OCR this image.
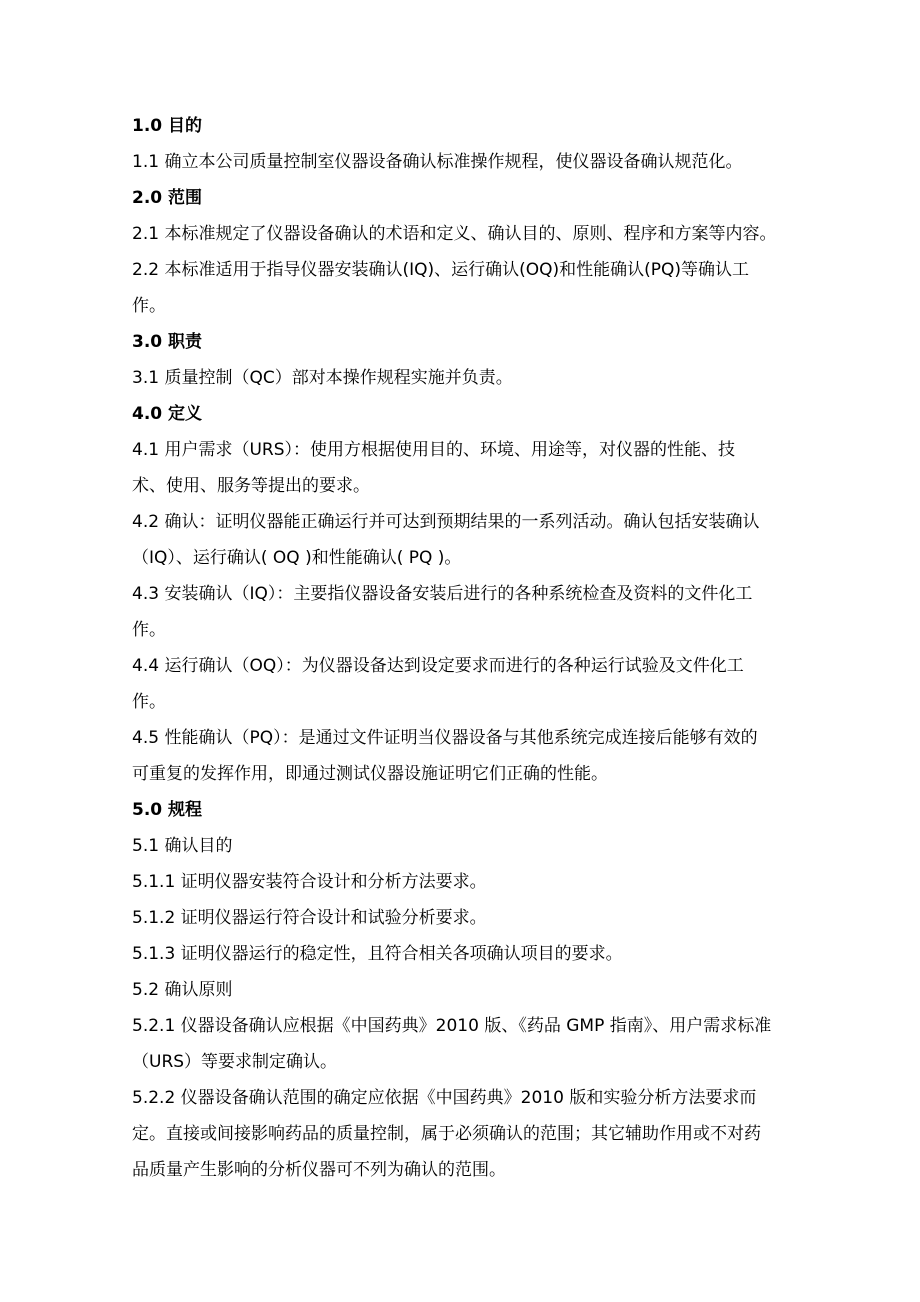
1.0 目的
1.1 确立本公司质量控制室仪器设备确认标准操作规程，使仪器设备确认规范化。
2.0 范围
2.1 本标准规定了仪器设备确认的术语和定义、确认目的、原则、程序和方案等内容。
2.2 本标准适用于指导仪器安装确认(IQ)、运行确认(OQ)和性能确认(PQ)等确认工
作。
3.0 职责
3.1 质量控制（QC）部对本操作规程实施并负责。
4.0 定义
4.1 用户需求（URS）：使用方根据使用目的、环境、用途等，对仪器的性能、技
术、使用、服务等提出的要求。
4.2 确认：证明仪器能正确运行并可达到预期结果的一系列活动。确认包括安装确认
（IQ）、运行确认( OQ )和性能确认( PQ )。
4.3 安装确认（IQ）：主要指仪器设备安装后进行的各种系统检查及资料的文件化工
作。
4.4 运行确认（OQ）：为仪器设备达到设定要求而进行的各种运行试验及文件化工
作。
4.5 性能确认（PQ）：是通过文件证明当仪器设备与其他系统完成连接后能够有效的
可重复的发挥作用，即通过测试仪器设施证明它们正确的性能。
5.0 规程
5.1 确认目的
5.1.1 证明仪器安装符合设计和分析方法要求。
5.1.2 证明仪器运行符合设计和试验分析要求。
5.1.3 证明仪器运行的稳定性，且符合相关各项确认项目的要求。
5.2 确认原则
5.2.1 仪器设备确认应根据《中国药典》2010 版、《药品 GMP 指南》、用户需求标准
（URS）等要求制定确认。
5.2.2 仪器设备确认范围的确定应依据《中国药典》2010 版和实验分析方法要求而
定。直接或间接影响药品的质量控制，属于必须确认的范围；其它辅助作用或不对药
品质量产生影响的分析仪器可不列为确认的范围。
